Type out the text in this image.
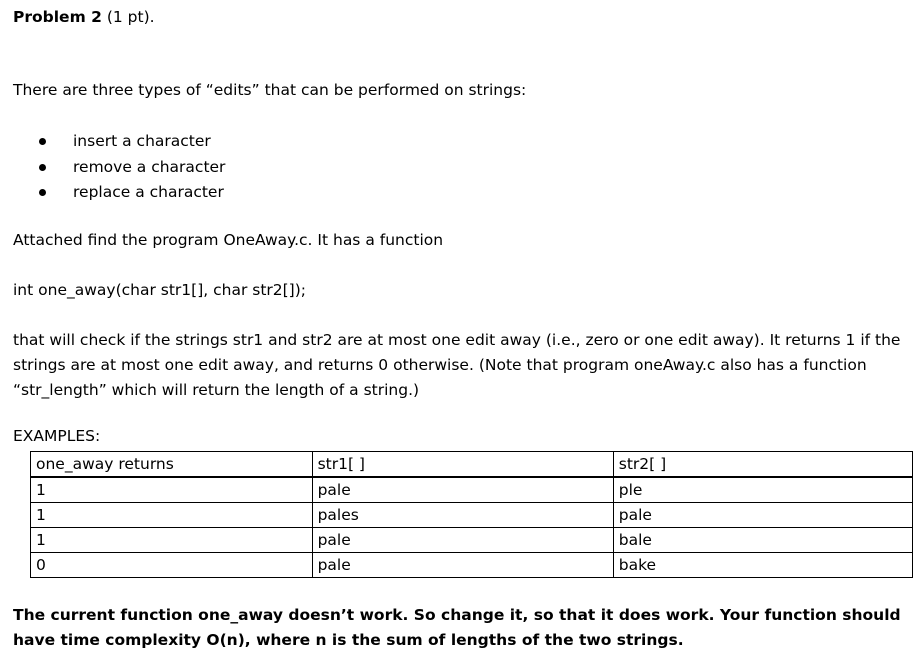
Problem 2 (1 pt).
There are three types of “edits” that can be performed on strings:
insert a character
remove a character
replace a character
Attached find the program OneAway.c. It has a function
int one_away(char str1[], char str2[]);
that will check if the strings str1 and str2 are at most one edit away (i.e., zero or one edit away). It returns 1 if the strings are at most one edit away, and returns 0 otherwise. (Note that program oneAway.c also has a function “str_length” which will return the length of a string.)
EXAMPLES:
one_away returns	str1[ ]	str2[ ]
1	pale	ple
1	pales	pale
1	pale	bale
0	pale	bake
The current function one_away doesn’t work. So change it, so that it does work. Your function should have time complexity O(n), where n is the sum of lengths of the two strings.
